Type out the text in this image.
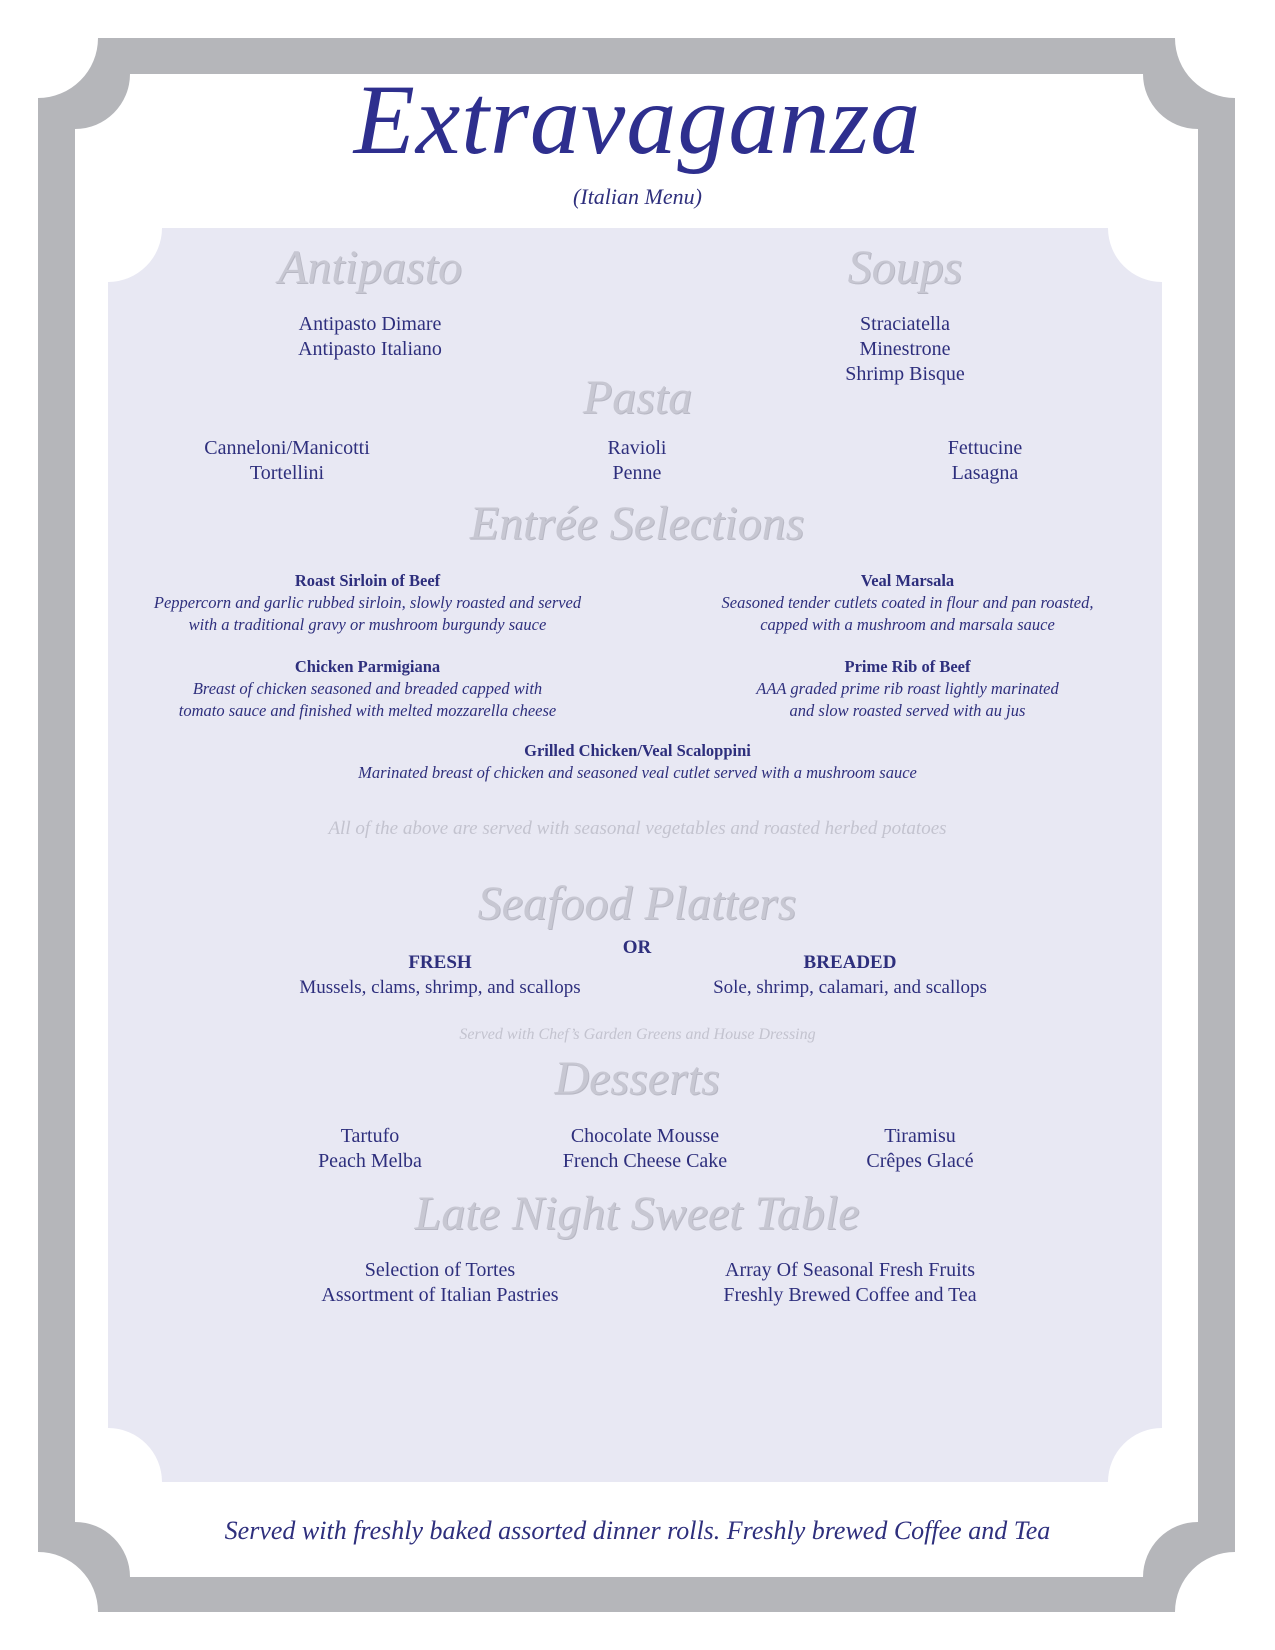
Extravaganza
(Italian Menu)
Antipasto
Antipasto Dimare
Antipasto Italiano
Soups
Straciatella
Minestrone
Shrimp Bisque
Pasta
Canneloni/Manicotti
Tortellini
Ravioli
Penne
Fettucine
Lasagna
Entrée Selections
Roast Sirloin of Beef
Peppercorn and garlic rubbed sirloin, slowly roasted and served
with a traditional gravy or mushroom burgundy sauce
Veal Marsala
Seasoned tender cutlets coated in flour and pan roasted,
capped with a mushroom and marsala sauce
Chicken Parmigiana
Breast of chicken seasoned and breaded capped with
tomato sauce and finished with melted mozzarella cheese
Prime Rib of Beef
AAA graded prime rib roast lightly marinated
and slow roasted served with au jus
Grilled Chicken/Veal Scaloppini
Marinated breast of chicken and seasoned veal cutlet served with a mushroom sauce
All of the above are served with seasonal vegetables and roasted herbed potatoes
Seafood Platters
OR
FRESH
Mussels, clams, shrimp, and scallops
BREADED
Sole, shrimp, calamari, and scallops
Served with Chef’s Garden Greens and House Dressing
Desserts
Tartufo
Peach Melba
Chocolate Mousse
French Cheese Cake
Tiramisu
Crêpes Glacé
Late Night Sweet Table
Selection of Tortes
Assortment of Italian Pastries
Array Of Seasonal Fresh Fruits
Freshly Brewed Coffee and Tea
Served with freshly baked assorted dinner rolls. Freshly brewed Coffee and Tea
